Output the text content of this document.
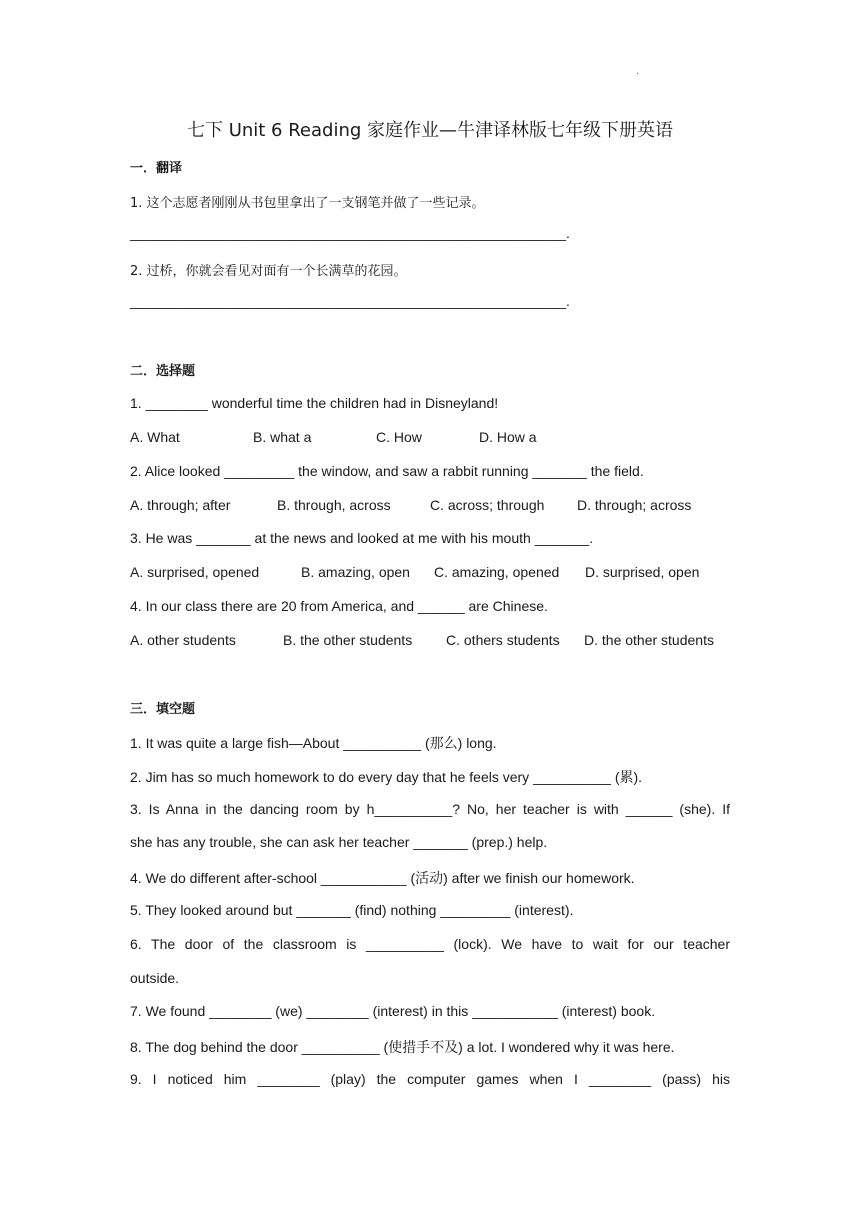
.
七下 Unit 6 Reading 家庭作业—牛津译林版七年级下册英语
一．翻译
1. 这个志愿者刚刚从书包里拿出了一支钢笔并做了一些记录。
________________________________________________________.
2. 过桥，你就会看见对面有一个长满草的花园。
________________________________________________________.
二．选择题
1. ________ wonderful time the children had in Disneyland!
A. What	B. what a	C. How	D. How a
2. Alice looked _________ the window, and saw a rabbit running _______ the field.
A. through; after	B. through, across	C. across; through D. through; across
3. He was _______ at the news and looked at me with his mouth _______.
A. surprised, opened	B. amazing, open C. amazing, opened D. surprised, open
4. In our class there are 20 from America, and ______ are Chinese.
A. other students	B. the other students C. others students D. the other students
三．填空题
1. It was quite a large fish—About __________ (那么) long.
2. Jim has so much homework to do every day that he feels very __________ (累).
3. Is Anna in the dancing room by h__________? No, her teacher is with ______ (she). If
she has any trouble, she can ask her teacher _______ (prep.) help.
4. We do different after-school ___________ (活动) after we finish our homework.
5. They looked around but _______ (find) nothing _________ (interest).
6. The door of the classroom is __________ (lock). We have to wait for our teacher
outside.
7. We found ________ (we) ________ (interest) in this ___________ (interest) book.
8. The dog behind the door __________ (使措手不及) a lot. I wondered why it was here.
9. I noticed him ________ (play) the computer games when I ________ (pass) his
